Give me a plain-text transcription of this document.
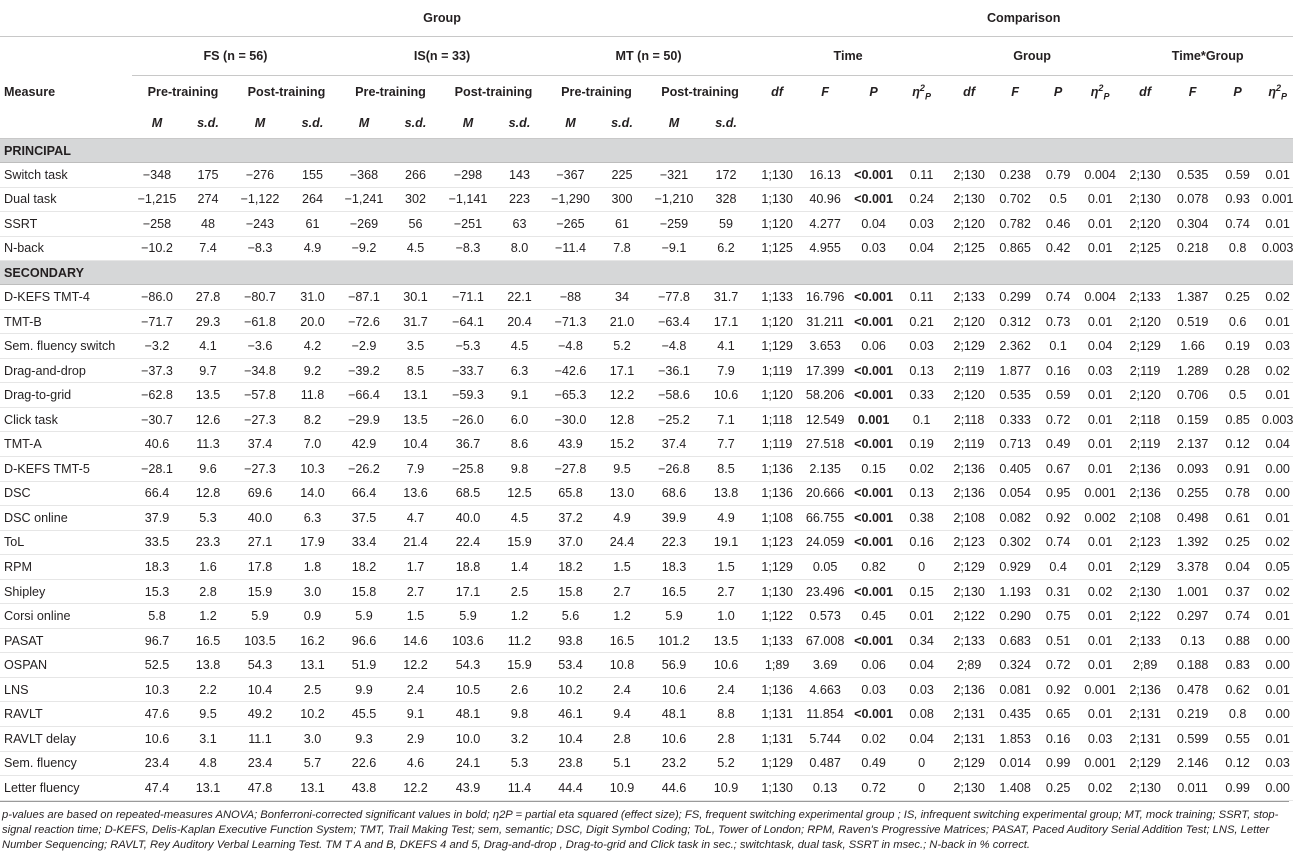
	Group												Comparison											
	FS (n = 56)				IS(n = 33)				MT (n = 50)				Time				Group				Time*Group			
Measure	Pre-training		Post-training		Pre-training		Post-training		Pre-training		Post-training		df	F	P	$\eta^2_P$	df	F	P	$\eta^2_P$	df	F	P	$\eta^2_P$
	M	s.d.	M	s.d.	M	s.d.	M	s.d.	M	s.d.	M	s.d.												
PRINCIPAL																								
Switch task	−348	175	−276	155	−368	266	−298	143	−367	225	−321	172	1;130	16.13	<0.001	0.11	2;130	0.238	0.79	0.004	2;130	0.535	0.59	0.01
Dual task	−1,215	274	−1,122	264	−1,241	302	−1,141	223	−1,290	300	−1,210	328	1;130	40.96	<0.001	0.24	2;130	0.702	0.5	0.01	2;130	0.078	0.93	0.001
SSRT	−258	48	−243	61	−269	56	−251	63	−265	61	−259	59	1;120	4.277	0.04	0.03	2;120	0.782	0.46	0.01	2;120	0.304	0.74	0.01
N-back	−10.2	7.4	−8.3	4.9	−9.2	4.5	−8.3	8.0	−11.4	7.8	−9.1	6.2	1;125	4.955	0.03	0.04	2;125	0.865	0.42	0.01	2;125	0.218	0.8	0.003
SECONDARY																								
D-KEFS TMT-4	−86.0	27.8	−80.7	31.0	−87.1	30.1	−71.1	22.1	−88	34	−77.8	31.7	1;133	16.796	<0.001	0.11	2;133	0.299	0.74	0.004	2;133	1.387	0.25	0.02
TMT-B	−71.7	29.3	−61.8	20.0	−72.6	31.7	−64.1	20.4	−71.3	21.0	−63.4	17.1	1;120	31.211	<0.001	0.21	2;120	0.312	0.73	0.01	2;120	0.519	0.6	0.01
Sem. fluency switch	−3.2	4.1	−3.6	4.2	−2.9	3.5	−5.3	4.5	−4.8	5.2	−4.8	4.1	1;129	3.653	0.06	0.03	2;129	2.362	0.1	0.04	2;129	1.66	0.19	0.03
Drag-and-drop	−37.3	9.7	−34.8	9.2	−39.2	8.5	−33.7	6.3	−42.6	17.1	−36.1	7.9	1;119	17.399	<0.001	0.13	2;119	1.877	0.16	0.03	2;119	1.289	0.28	0.02
Drag-to-grid	−62.8	13.5	−57.8	11.8	−66.4	13.1	−59.3	9.1	−65.3	12.2	−58.6	10.6	1;120	58.206	<0.001	0.33	2;120	0.535	0.59	0.01	2;120	0.706	0.5	0.01
Click task	−30.7	12.6	−27.3	8.2	−29.9	13.5	−26.0	6.0	−30.0	12.8	−25.2	7.1	1;118	12.549	0.001	0.1	2;118	0.333	0.72	0.01	2;118	0.159	0.85	0.003
TMT-A	40.6	11.3	37.4	7.0	42.9	10.4	36.7	8.6	43.9	15.2	37.4	7.7	1;119	27.518	<0.001	0.19	2;119	0.713	0.49	0.01	2;119	2.137	0.12	0.04
D-KEFS TMT-5	−28.1	9.6	−27.3	10.3	−26.2	7.9	−25.8	9.8	−27.8	9.5	−26.8	8.5	1;136	2.135	0.15	0.02	2;136	0.405	0.67	0.01	2;136	0.093	0.91	0.00
DSC	66.4	12.8	69.6	14.0	66.4	13.6	68.5	12.5	65.8	13.0	68.6	13.8	1;136	20.666	<0.001	0.13	2;136	0.054	0.95	0.001	2;136	0.255	0.78	0.00
DSC online	37.9	5.3	40.0	6.3	37.5	4.7	40.0	4.5	37.2	4.9	39.9	4.9	1;108	66.755	<0.001	0.38	2;108	0.082	0.92	0.002	2;108	0.498	0.61	0.01
ToL	33.5	23.3	27.1	17.9	33.4	21.4	22.4	15.9	37.0	24.4	22.3	19.1	1;123	24.059	<0.001	0.16	2;123	0.302	0.74	0.01	2;123	1.392	0.25	0.02
RPM	18.3	1.6	17.8	1.8	18.2	1.7	18.8	1.4	18.2	1.5	18.3	1.5	1;129	0.05	0.82	0	2;129	0.929	0.4	0.01	2;129	3.378	0.04	0.05
Shipley	15.3	2.8	15.9	3.0	15.8	2.7	17.1	2.5	15.8	2.7	16.5	2.7	1;130	23.496	<0.001	0.15	2;130	1.193	0.31	0.02	2;130	1.001	0.37	0.02
Corsi online	5.8	1.2	5.9	0.9	5.9	1.5	5.9	1.2	5.6	1.2	5.9	1.0	1;122	0.573	0.45	0.01	2;122	0.290	0.75	0.01	2;122	0.297	0.74	0.01
PASAT	96.7	16.5	103.5	16.2	96.6	14.6	103.6	11.2	93.8	16.5	101.2	13.5	1;133	67.008	<0.001	0.34	2;133	0.683	0.51	0.01	2;133	0.13	0.88	0.00
OSPAN	52.5	13.8	54.3	13.1	51.9	12.2	54.3	15.9	53.4	10.8	56.9	10.6	1;89	3.69	0.06	0.04	2;89	0.324	0.72	0.01	2;89	0.188	0.83	0.00
LNS	10.3	2.2	10.4	2.5	9.9	2.4	10.5	2.6	10.2	2.4	10.6	2.4	1;136	4.663	0.03	0.03	2;136	0.081	0.92	0.001	2;136	0.478	0.62	0.01
RAVLT	47.6	9.5	49.2	10.2	45.5	9.1	48.1	9.8	46.1	9.4	48.1	8.8	1;131	11.854	<0.001	0.08	2;131	0.435	0.65	0.01	2;131	0.219	0.8	0.00
RAVLT delay	10.6	3.1	11.1	3.0	9.3	2.9	10.0	3.2	10.4	2.8	10.6	2.8	1;131	5.744	0.02	0.04	2;131	1.853	0.16	0.03	2;131	0.599	0.55	0.01
Sem. fluency	23.4	4.8	23.4	5.7	22.6	4.6	24.1	5.3	23.8	5.1	23.2	5.2	1;129	0.487	0.49	0	2;129	0.014	0.99	0.001	2;129	2.146	0.12	0.03
Letter fluency	47.4	13.1	47.8	13.1	43.8	12.2	43.9	11.4	44.4	10.9	44.6	10.9	1;130	0.13	0.72	0	2;130	1.408	0.25	0.02	2;130	0.011	0.99	0.00
p-values are based on repeated-measures ANOVA; Bonferroni-corrected significant values in bold; η2P = partial eta squared (effect size); FS, frequent switching experimental group ; IS, infrequent switching experimental group; MT, mock training; SSRT, stop-signal reaction time; D-KEFS, Delis-Kaplan Executive Function System; TMT, Trail Making Test; sem, semantic; DSC, Digit Symbol Coding; ToL, Tower of London; RPM, Raven's Progressive Matrices; PASAT, Paced Auditory Serial Addition Test; LNS, Letter Number Sequencing; RAVLT, Rey Auditory Verbal Learning Test. TM T A and B, DKEFS 4 and 5, Drag-and-drop , Drag-to-grid and Click task in sec.; switchtask, dual task, SSRT in msec.; N-back in % correct.
